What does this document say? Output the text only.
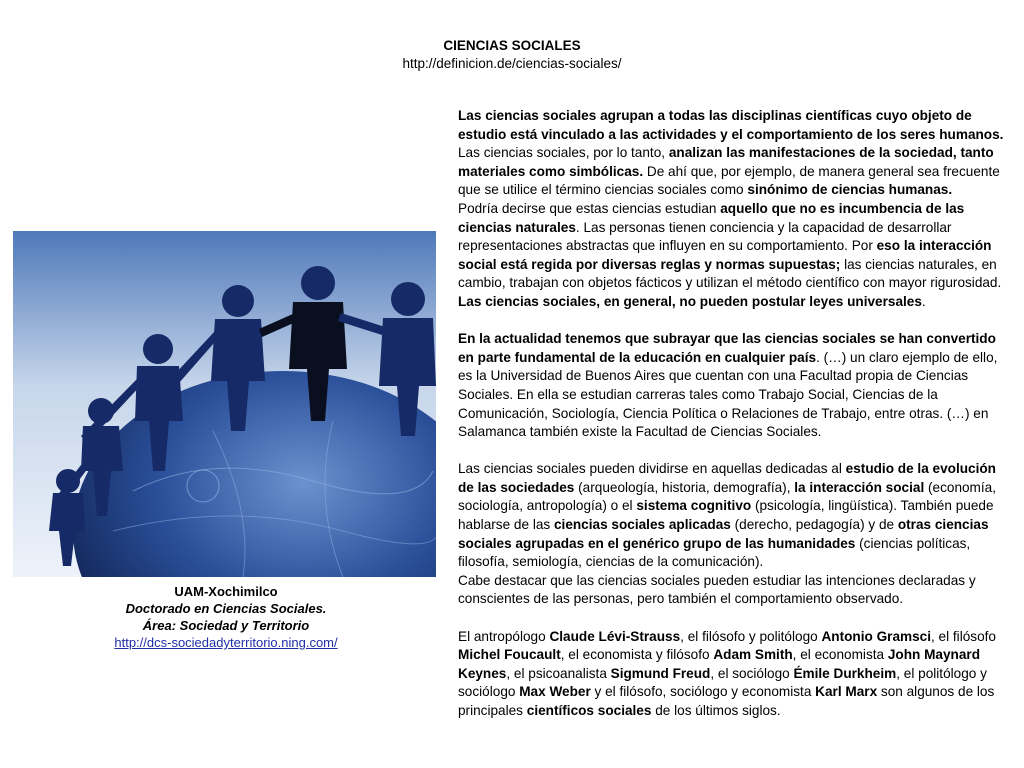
CIENCIAS SOCIALES
http://definicion.de/ciencias-sociales/
UAM-Xochimilco
Doctorado en Ciencias Sociales.
Área: Sociedad y Territorio
http://dcs-sociedadyterritorio.ning.com/

Las ciencias sociales agrupan a todas las disciplinas científicas cuyo objeto de estudio está vinculado a las actividades y el comportamiento de los seres humanos. Las ciencias sociales, por lo tanto, analizan las manifestaciones de la sociedad, tanto materiales como simbólicas. De ahí que, por ejemplo, de manera general sea frecuente que se utilice el término ciencias sociales como sinónimo de ciencias humanas.

Podría decirse que estas ciencias estudian aquello que no es incumbencia de las ciencias naturales. Las personas tienen conciencia y la capacidad de desarrollar representaciones abstractas que influyen en su comportamiento. Por eso la interacción social está regida por diversas reglas y normas supuestas; las ciencias naturales, en cambio, trabajan con objetos fácticos y utilizan el método científico con mayor rigurosidad. Las ciencias sociales, en general, no pueden postular leyes universales.

En la actualidad tenemos que subrayar que las ciencias sociales se han convertido en parte fundamental de la educación en cualquier país. (…) un claro ejemplo de ello, es la Universidad de Buenos Aires que cuentan con una Facultad propia de Ciencias Sociales. En ella se estudian carreras tales como Trabajo Social, Ciencias de la Comunicación, Sociología, Ciencia Política o Relaciones de Trabajo, entre otras. (…) en Salamanca también existe la Facultad de Ciencias Sociales.

Las ciencias sociales pueden dividirse en aquellas dedicadas al estudio de la evolución de las sociedades (arqueología, historia, demografía), la interacción social (economía, sociología, antropología) o el sistema cognitivo (psicología, lingüística). También puede hablarse de las ciencias sociales aplicadas (derecho, pedagogía) y de otras ciencias sociales agrupadas en el genérico grupo de las humanidades (ciencias políticas, filosofía, semiología, ciencias de la comunicación).

Cabe destacar que las ciencias sociales pueden estudiar las intenciones declaradas y conscientes de las personas, pero también el comportamiento observado.

El antropólogo Claude Lévi-Strauss, el filósofo y politólogo Antonio Gramsci, el filósofo Michel Foucault, el economista y filósofo Adam Smith, el economista John Maynard Keynes, el psicoanalista Sigmund Freud, el sociólogo Émile Durkheim, el politólogo y sociólogo Max Weber y el filósofo, sociólogo y economista Karl Marx son algunos de los principales científicos sociales de los últimos siglos.
